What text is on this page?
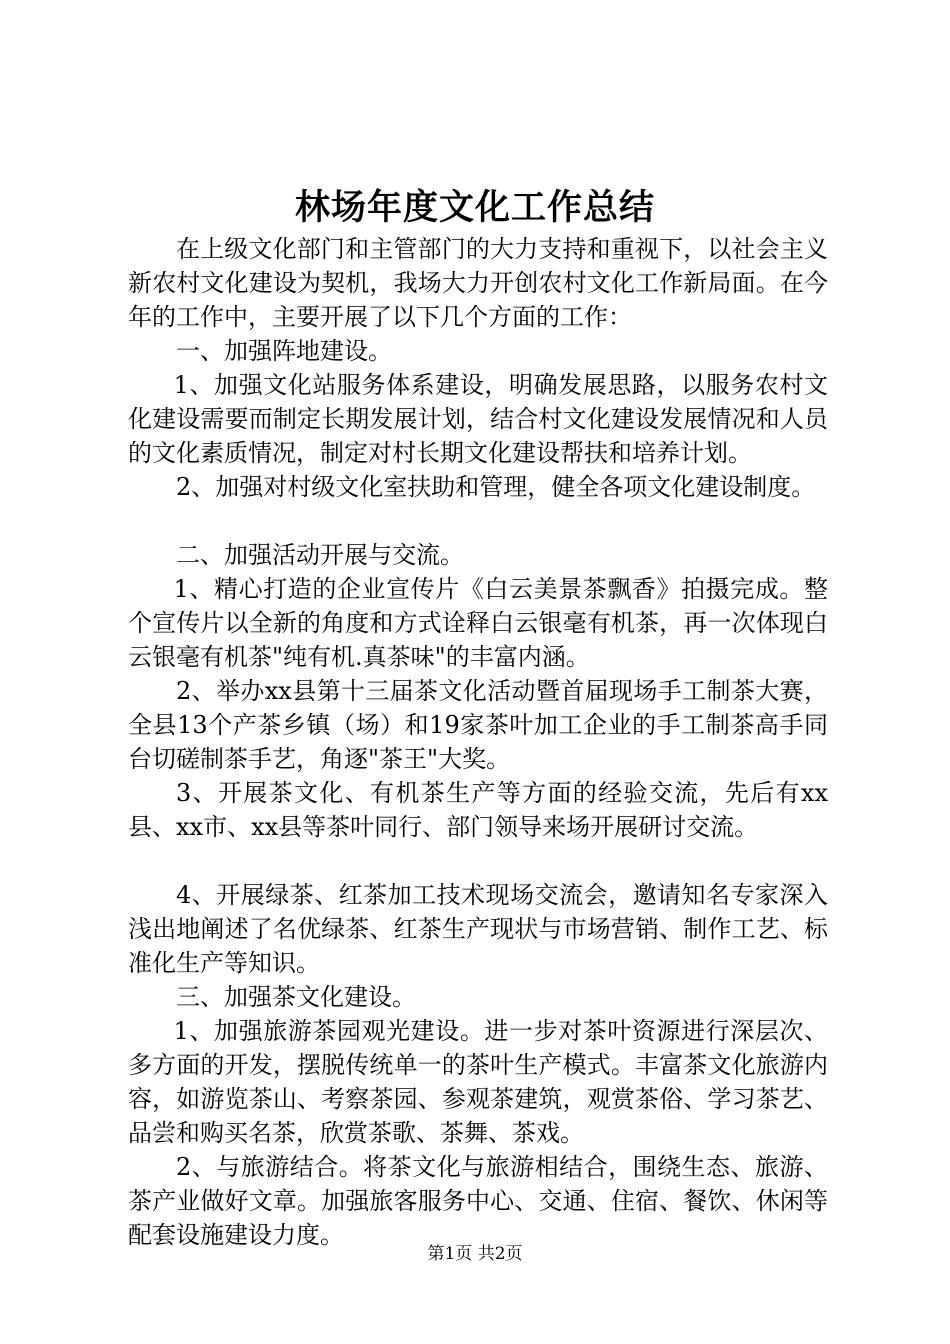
林场年度文化工作总结

在上级文化部门和主管部门的大力支持和重视下，以社会主义新农村文化建设为契机，我场大力开创农村文化工作新局面。在今年的工作中，主要开展了以下几个方面的工作：

一、加强阵地建设。

1、加强文化站服务体系建设，明确发展思路，以服务农村文化建设需要而制定长期发展计划，结合村文化建设发展情况和人员的文化素质情况，制定对村长期文化建设帮扶和培养计划。

2、加强对村级文化室扶助和管理，健全各项文化建设制度。

二、加强活动开展与交流。

1、精心打造的企业宣传片《白云美景茶飘香》拍摄完成。整个宣传片以全新的角度和方式诠释白云银毫有机茶，再一次体现白云银毫有机茶"纯有机.真茶味"的丰富内涵。

2、举办xx县第十三届茶文化活动暨首届现场手工制茶大赛，全县13个产茶乡镇（场）和19家茶叶加工企业的手工制茶高手同台切磋制茶手艺，角逐"茶王"大奖。

3、开展茶文化、有机茶生产等方面的经验交流，先后有xx县、xx市、xx县等茶叶同行、部门领导来场开展研讨交流。

4、开展绿茶、红茶加工技术现场交流会，邀请知名专家深入浅出地阐述了名优绿茶、红茶生产现状与市场营销、制作工艺、标准化生产等知识。

三、加强茶文化建设。

1、加强旅游茶园观光建设。进一步对茶叶资源进行深层次、多方面的开发，摆脱传统单一的茶叶生产模式。丰富茶文化旅游内容，如游览茶山、考察茶园、参观茶建筑，观赏茶俗、学习茶艺、品尝和购买名茶，欣赏茶歌、茶舞、茶戏。

2、与旅游结合。将茶文化与旅游相结合，围绕生态、旅游、茶产业做好文章。加强旅客服务中心、交通、住宿、餐饮、休闲等配套设施建设力度。

第1页 共2页
